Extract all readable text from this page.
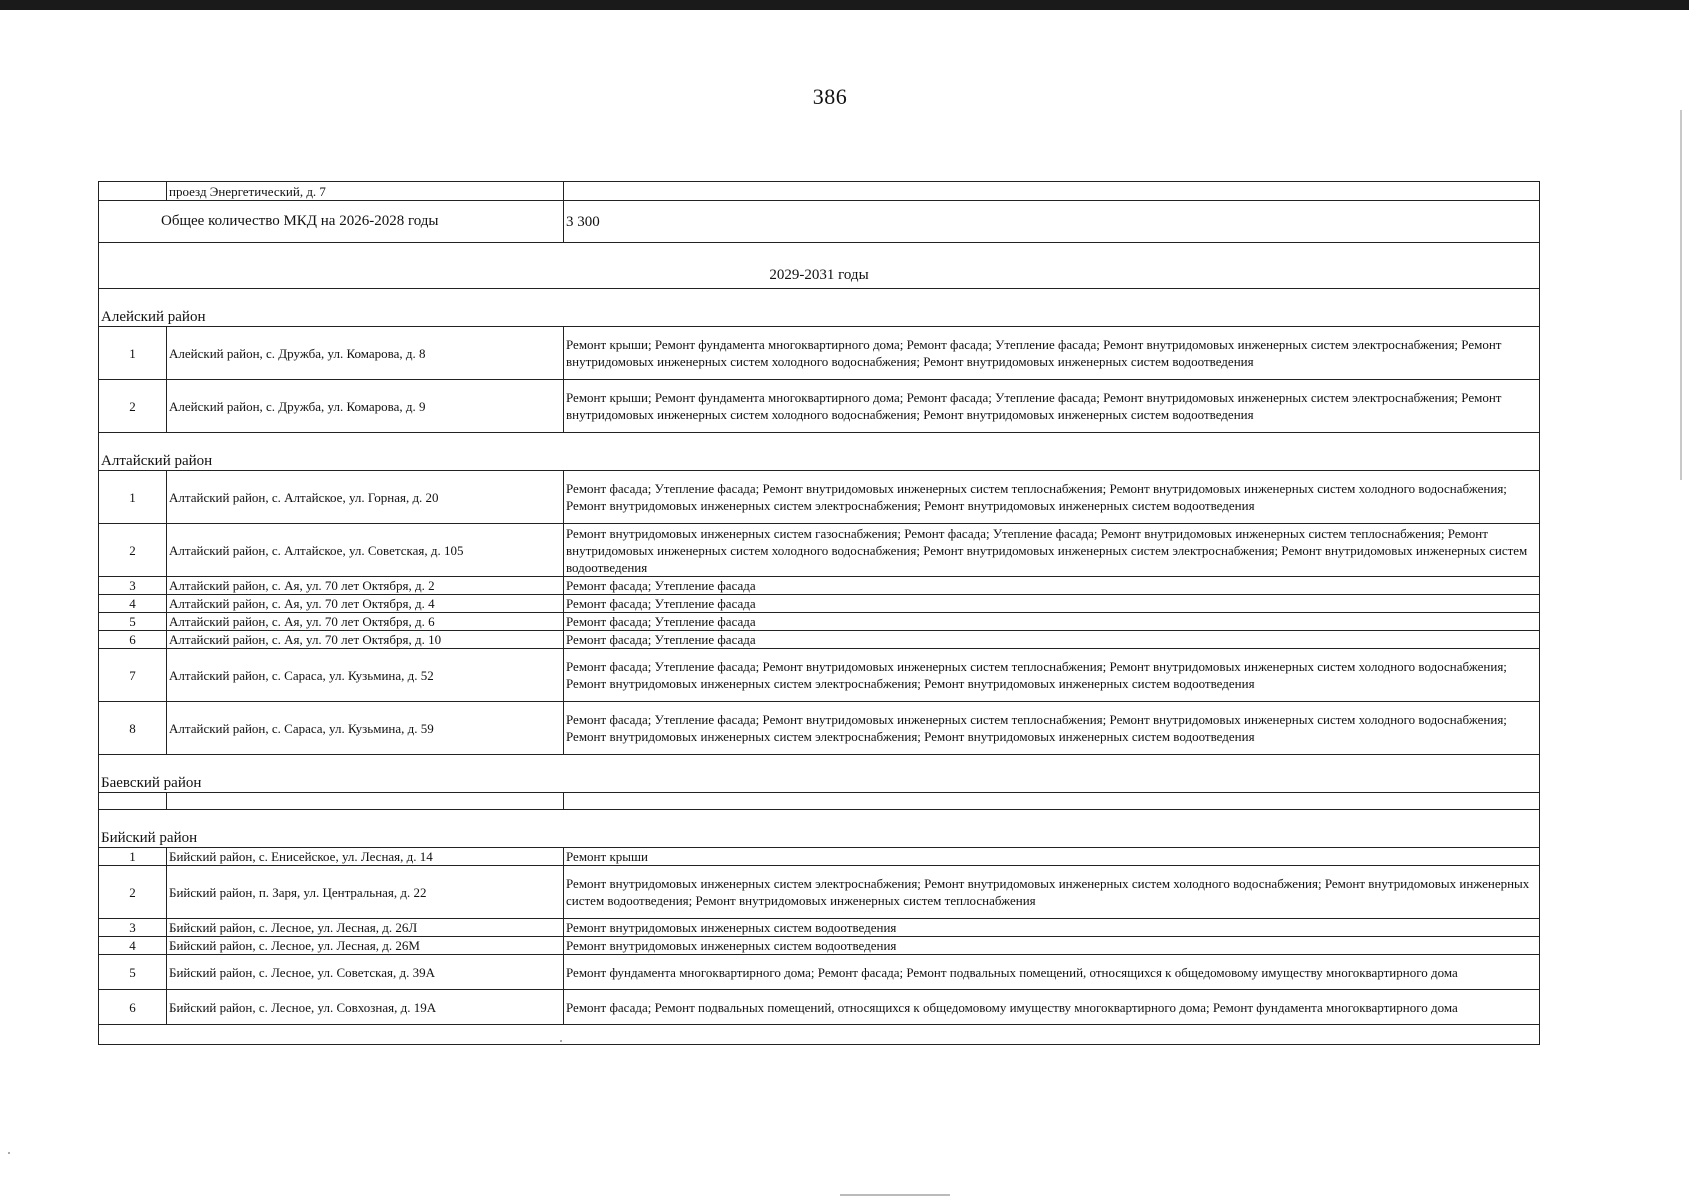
386
	проезд Энергетический, д. 7	

Общее количество МКД на 2026-2028 годы		3 300

2029-2031 годы		

Алейский район		

1	Алейский район, с. Дружба, ул. Комарова, д. 8	Ремонт крыши; Ремонт фундамента многоквартирного дома; Ремонт фасада; Утепление фасада; Ремонт внутридомовых инженерных систем электроснабжения; Ремонт внутридомовых инженерных систем холодного водоснабжения; Ремонт внутридомовых инженерных систем водоотведения
2	Алейский район, с. Дружба, ул. Комарова, д. 9	Ремонт крыши; Ремонт фундамента многоквартирного дома; Ремонт фасада; Утепление фасада; Ремонт внутридомовых инженерных систем электроснабжения; Ремонт внутридомовых инженерных систем холодного водоснабжения; Ремонт внутридомовых инженерных систем водоотведения

Алтайский район		

1	Алтайский район, с. Алтайское, ул. Горная, д. 20	Ремонт фасада; Утепление фасада; Ремонт внутридомовых инженерных систем теплоснабжения; Ремонт внутридомовых инженерных систем холодного водоснабжения; Ремонт внутридомовых инженерных систем электроснабжения; Ремонт внутридомовых инженерных систем водоотведения
2	Алтайский район, с. Алтайское, ул. Советская, д. 105	Ремонт внутридомовых инженерных систем газоснабжения; Ремонт фасада; Утепление фасада; Ремонт внутридомовых инженерных систем теплоснабжения; Ремонт внутридомовых инженерных систем холодного водоснабжения; Ремонт внутридомовых инженерных систем электроснабжения; Ремонт внутридомовых инженерных систем водоотведения
3	Алтайский район, с. Ая, ул. 70 лет Октября, д. 2	Ремонт фасада; Утепление фасада
4	Алтайский район, с. Ая, ул. 70 лет Октября, д. 4	Ремонт фасада; Утепление фасада
5	Алтайский район, с. Ая, ул. 70 лет Октября, д. 6	Ремонт фасада; Утепление фасада
6	Алтайский район, с. Ая, ул. 70 лет Октября, д. 10	Ремонт фасада; Утепление фасада
7	Алтайский район, с. Сараса, ул. Кузьмина, д. 52	Ремонт фасада; Утепление фасада; Ремонт внутридомовых инженерных систем теплоснабжения; Ремонт внутридомовых инженерных систем холодного водоснабжения; Ремонт внутридомовых инженерных систем электроснабжения; Ремонт внутридомовых инженерных систем водоотведения
8	Алтайский район, с. Сараса, ул. Кузьмина, д. 59	Ремонт фасада; Утепление фасада; Ремонт внутридомовых инженерных систем теплоснабжения; Ремонт внутридомовых инженерных систем холодного водоснабжения; Ремонт внутридомовых инженерных систем электроснабжения; Ремонт внутридомовых инженерных систем водоотведения

Баевский район		

Бийский район		

1	Бийский район, с. Енисейское, ул. Лесная, д. 14	Ремонт крыши
2	Бийский район, п. Заря, ул. Центральная, д. 22	Ремонт внутридомовых инженерных систем электроснабжения; Ремонт внутридомовых инженерных систем холодного водоснабжения; Ремонт внутридомовых инженерных систем водоотведения; Ремонт внутридомовых инженерных систем теплоснабжения
3	Бийский район, с. Лесное, ул. Лесная, д. 26Л	Ремонт внутридомовых инженерных систем водоотведения
4	Бийский район, с. Лесное, ул. Лесная, д. 26М	Ремонт внутридомовых инженерных систем водоотведения
5	Бийский район, с. Лесное, ул. Советская, д. 39А	Ремонт фундамента многоквартирного дома; Ремонт фасада; Ремонт подвальных помещений, относящихся к общедомовому имуществу многоквартирного дома
6	Бийский район, с. Лесное, ул. Совхозная, д. 19А	Ремонт фасада; Ремонт подвальных помещений, относящихся к общедомовому имуществу многоквартирного дома; Ремонт фундамента многоквартирного дома
